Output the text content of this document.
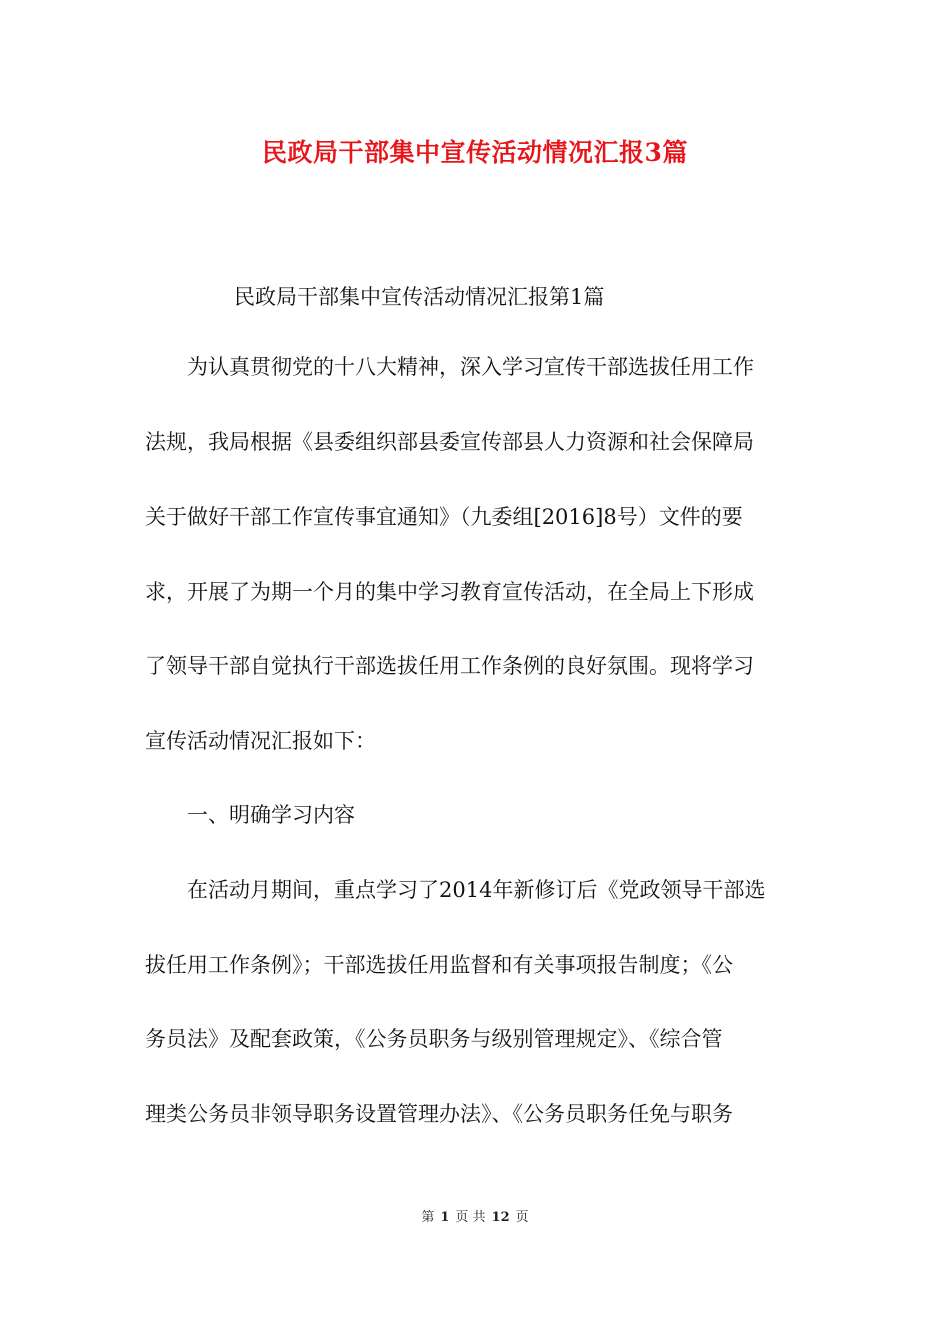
民政局干部集中宣传活动情况汇报3篇
民政局干部集中宣传活动情况汇报第1篇
　　为认真贯彻党的十八大精神，深入学习宣传干部选拔任用工作
法规，我局根据《县委组织部县委宣传部县人力资源和社会保障局
关于做好干部工作宣传事宜通知》（九委组[2016]8号）文件的要
求，开展了为期一个月的集中学习教育宣传活动，在全局上下形成
了领导干部自觉执行干部选拔任用工作条例的良好氛围。现将学习
宣传活动情况汇报如下：
　　一、明确学习内容
　　在活动月期间，重点学习了2014年新修订后《党政领导干部选
拔任用工作条例》；干部选拔任用监督和有关事项报告制度；《公
务员法》及配套政策，《公务员职务与级别管理规定》、《综合管
理类公务员非领导职务设置管理办法》、《公务员职务任免与职务
第 1 页 共 12 页
